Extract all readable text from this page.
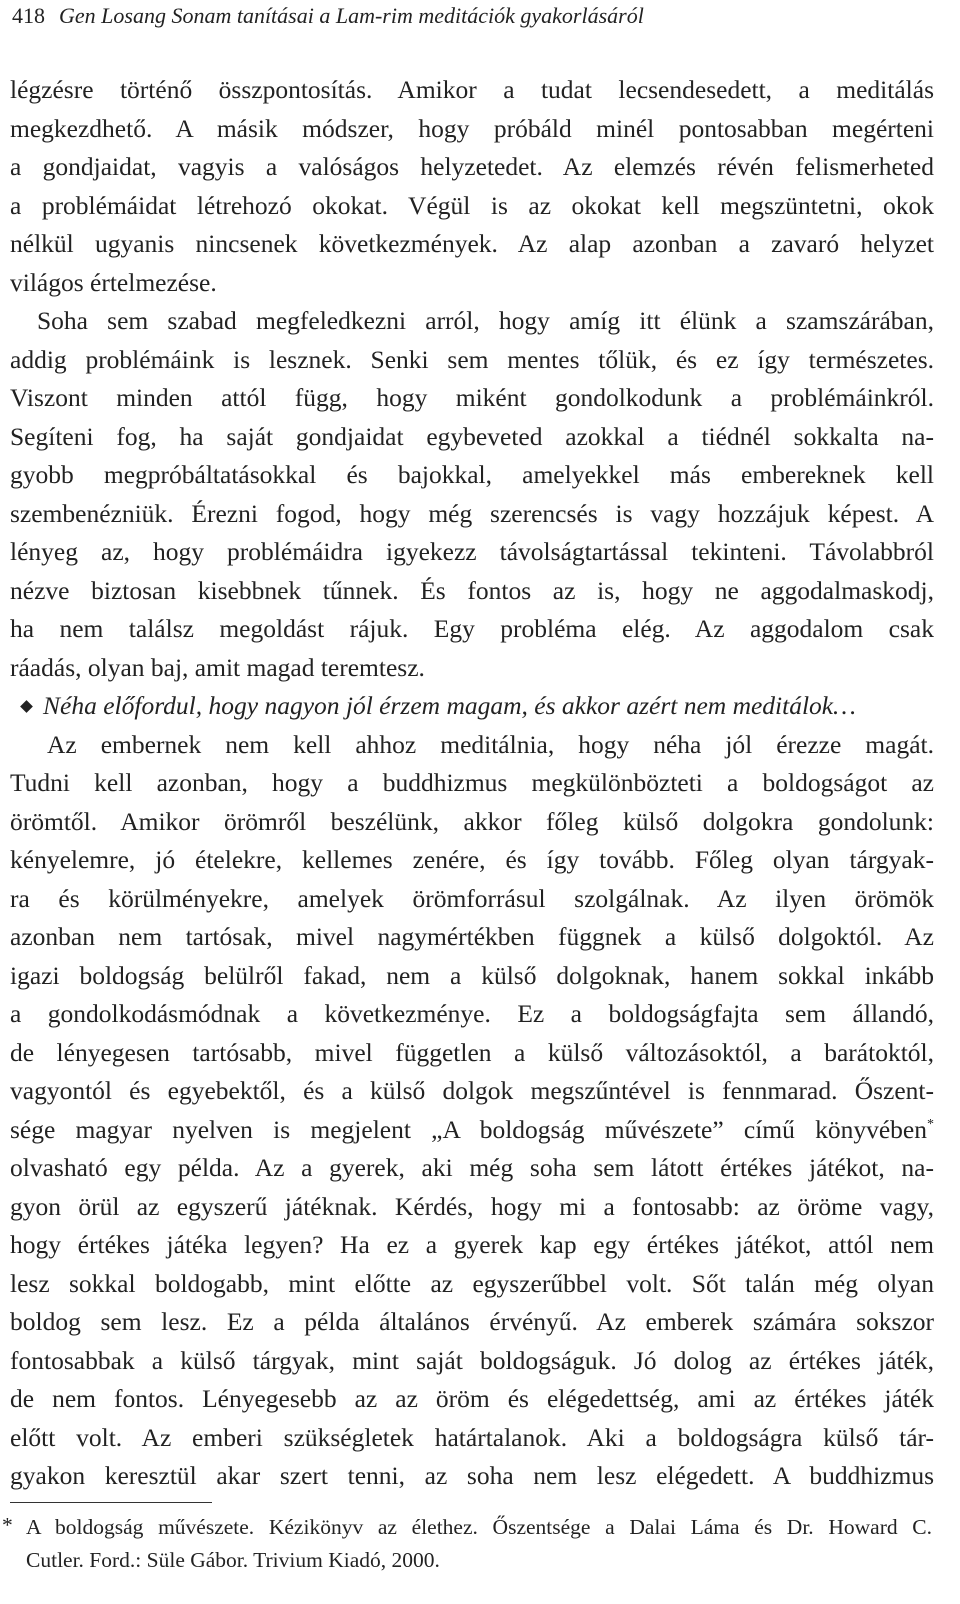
418 Gen Losang Sonam tanításai a Lam-rim meditációk gyakorlásáról
légzésre történő összpontosítás. Amikor a tudat lecsendesedett, a meditálás
megkezdhető. A másik módszer, hogy próbáld minél pontosabban megérteni
a gondjaidat, vagyis a valóságos helyzetedet. Az elemzés révén felismerheted
a problémáidat létrehozó okokat. Végül is az okokat kell megszüntetni, okok
nélkül ugyanis nincsenek következmények. Az alap azonban a zavaró helyzet
világos értelmezése.
Soha sem szabad megfeledkezni arról, hogy amíg itt élünk a szamszárában,
addig problémáink is lesznek. Senki sem mentes tőlük, és ez így természetes.
Viszont minden attól függ, hogy miként gondolkodunk a problémáinkról.
Segíteni fog, ha saját gondjaidat egybeveted azokkal a tiédnél sokkalta na-
gyobb megpróbáltatásokkal és bajokkal, amelyekkel más embereknek kell
szembenézniük. Érezni fogod, hogy még szerencsés is vagy hozzájuk képest. A
lényeg az, hogy problémáidra igyekezz távolságtartással tekinteni. Távolabbról
nézve biztosan kisebbnek tűnnek. És fontos az is, hogy ne aggodalmaskodj,
ha nem találsz megoldást rájuk. Egy probléma elég. Az aggodalom csak
ráadás, olyan baj, amit magad teremtesz.
Néha előfordul, hogy nagyon jól érzem magam, és akkor azért nem meditálok…
Az embernek nem kell ahhoz meditálnia, hogy néha jól érezze magát.
Tudni kell azonban, hogy a buddhizmus megkülönbözteti a boldogságot az
örömtől. Amikor örömről beszélünk, akkor főleg külső dolgokra gondolunk:
kényelemre, jó ételekre, kellemes zenére, és így tovább. Főleg olyan tárgyak-
ra és körülményekre, amelyek örömforrásul szolgálnak. Az ilyen örömök
azonban nem tartósak, mivel nagymértékben függnek a külső dolgoktól. Az
igazi boldogság belülről fakad, nem a külső dolgoknak, hanem sokkal inkább
a gondolkodásmódnak a következménye. Ez a boldogságfajta sem állandó,
de lényegesen tartósabb, mivel független a külső változásoktól, a barátoktól,
vagyontól és egyebektől, és a külső dolgok megszűntével is fennmarad. Őszent-
sége magyar nyelven is megjelent „A boldogság művészete” című könyvében*
olvasható egy példa. Az a gyerek, aki még soha sem látott értékes játékot, na-
gyon örül az egyszerű játéknak. Kérdés, hogy mi a fontosabb: az öröme vagy,
hogy értékes játéka legyen? Ha ez a gyerek kap egy értékes játékot, attól nem
lesz sokkal boldogabb, mint előtte az egyszerűbbel volt. Sőt talán még olyan
boldog sem lesz. Ez a példa általános érvényű. Az emberek számára sokszor
fontosabbak a külső tárgyak, mint saját boldogságuk. Jó dolog az értékes játék,
de nem fontos. Lényegesebb az az öröm és elégedettség, ami az értékes játék
előtt volt. Az emberi szükségletek határtalanok. Aki a boldogságra külső tár-
gyakon keresztül akar szert tenni, az soha nem lesz elégedett. A buddhizmus
* A boldogság művészete. Kézikönyv az élethez. Őszentsége a Dalai Láma és Dr. Howard C.
Cutler. Ford.: Süle Gábor. Trivium Kiadó, 2000.
